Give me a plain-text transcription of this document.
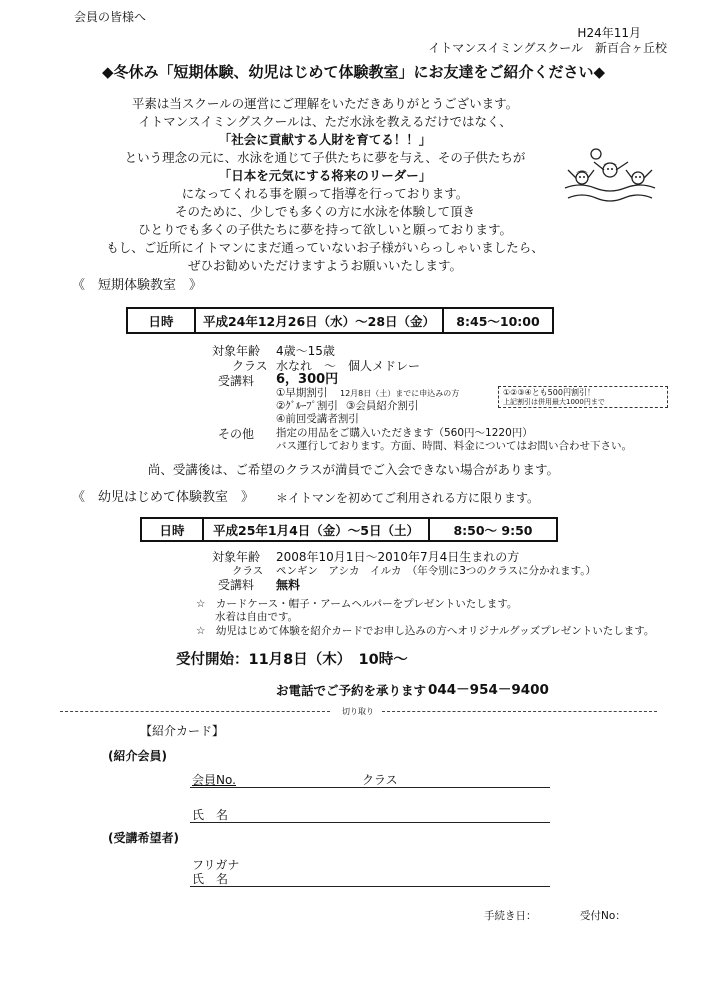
会員の皆様へ
H24年11月
イトマンスイミングスクール　新百合ヶ丘校
◆冬休み「短期体験、幼児はじめて体験教室」にお友達をご紹介ください◆
平素は当スクールの運営にご理解をいただきありがとうございます。
イトマンスイミングスクールは、ただ水泳を教えるだけではなく、
「社会に貢献する人財を育てる！！」
という理念の元に、水泳を通じて子供たちに夢を与え、その子供たちが
「日本を元気にする将来のリーダー」
になってくれる事を願って指導を行っております。
そのために、少しでも多くの方に水泳を体験して頂き
ひとりでも多くの子供たちに夢を持って欲しいと願っております。
もし、ご近所にイトマンにまだ通っていないお子様がいらっしゃいましたら、
ぜひお勧めいただけますようお願いいたします。
《　短期体験教室　》
日時	平成24年12月26日（水）～28日（金）	8:45～10:00
対象年齢 4歳～15歳
クラス 水なれ　～　個人メドレー
受講料 6，300円
①早期割引 12月8日（土）までに申込みの方
②ｸﾞﾙｰﾌﾟ割引 ③会員紹介割引
④前回受講者割引
①②③④とも500円割引！
上記割引は併用最大1000円まで
その他 指定の用品をご購入いただきます（560円～1220円）
バス運行しております。方面、時間、料金についてはお問い合わせ下さい。
尚、受講後は、ご希望のクラスが満員でご入会できない場合があります。
《　幼児はじめて体験教室　》 ＊イトマンを初めてご利用される方に限ります。
日時	平成25年1月4日（金）～5日（土）	8:50～ 9:50
対象年齢 2008年10月1日～2010年7月4日生まれの方
クラス ペンギン　アシカ　イルカ　（年令別に3つのクラスに分かれます。）
受講料 無料
☆　カードケース・帽子・アームヘルパーをプレゼントいたします。
水着は自由です。
☆　幼児はじめて体験を紹介カードでお申し込みの方へオリジナルグッズプレゼントいたします。
受付開始：11月8日（木）　10時～
お電話でご予約を承ります 044－954－9400
切り取り
【紹介カード】
(紹介会員)
会員No.	クラス
氏　名
(受講希望者)
フリガナ
氏　名
手続き日：	受付No：
